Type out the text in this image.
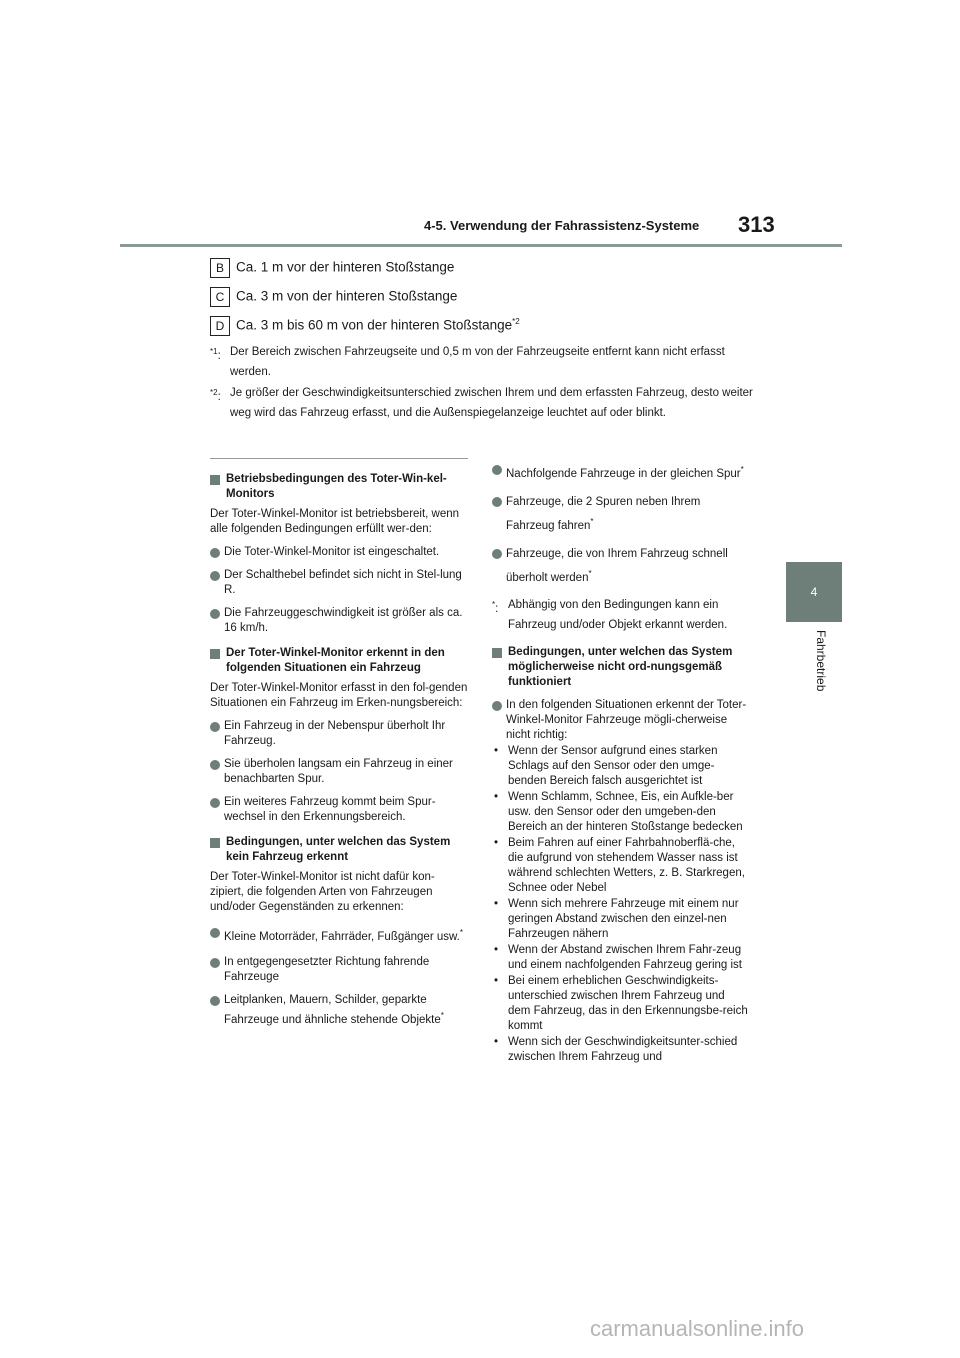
4-5. Verwendung der Fahrassistenz-Systeme 313
4
Fahrbetrieb
B Ca. 1 m vor der hinteren Stoßstange
C Ca. 3 m von der hinteren Stoßstange
D Ca. 3 m bis 60 m von der hinteren Stoßstange$^{*2}$
$^{*1}$: Der Bereich zwischen Fahrzeugseite und 0,5 m von der Fahrzeugseite entfernt kann nicht erfasst werden.
$^{*2}$: Je größer der Geschwindigkeitsunterschied zwischen Ihrem und dem erfassten Fahrzeug, desto weiter weg wird das Fahrzeug erfasst, und die Außenspiegelanzeige leuchtet auf oder blinkt.
Betriebsbedingungen des Toter-Win-kel-Monitors
Der Toter-Winkel-Monitor ist betriebsbereit, wenn alle folgenden Bedingungen erfüllt wer-den:
Die Toter-Winkel-Monitor ist eingeschaltet.
Der Schalthebel befindet sich nicht in Stel-lung R.
Die Fahrzeuggeschwindigkeit ist größer als ca. 16 km/h.
Der Toter-Winkel-Monitor erkennt in den folgenden Situationen ein Fahrzeug
Der Toter-Winkel-Monitor erfasst in den fol-genden Situationen ein Fahrzeug im Erken-nungsbereich:
Ein Fahrzeug in der Nebenspur überholt Ihr Fahrzeug.
Sie überholen langsam ein Fahrzeug in einer benachbarten Spur.
Ein weiteres Fahrzeug kommt beim Spur-wechsel in den Erkennungsbereich.
Bedingungen, unter welchen das System kein Fahrzeug erkennt
Der Toter-Winkel-Monitor ist nicht dafür kon-zipiert, die folgenden Arten von Fahrzeugen und/oder Gegenständen zu erkennen:
Kleine Motorräder, Fahrräder, Fußgänger usw.*
In entgegengesetzter Richtung fahrende Fahrzeuge
Leitplanken, Mauern, Schilder, geparkte Fahrzeuge und ähnliche stehende Objekte*
Nachfolgende Fahrzeuge in der gleichen Spur*
Fahrzeuge, die 2 Spuren neben Ihrem Fahrzeug fahren*
Fahrzeuge, die von Ihrem Fahrzeug schnell überholt werden*
*: Abhängig von den Bedingungen kann ein Fahrzeug und/oder Objekt erkannt werden.
Bedingungen, unter welchen das System möglicherweise nicht ord-nungsgemäß funktioniert
In den folgenden Situationen erkennt der Toter-Winkel-Monitor Fahrzeuge mögli-cherweise nicht richtig:
• Wenn der Sensor aufgrund eines starken Schlags auf den Sensor oder den umge-benden Bereich falsch ausgerichtet ist
• Wenn Schlamm, Schnee, Eis, ein Aufkle-ber usw. den Sensor oder den umgeben-den Bereich an der hinteren Stoßstange bedecken
• Beim Fahren auf einer Fahrbahnoberflä-che, die aufgrund von stehendem Wasser nass ist während schlechten Wetters, z. B. Starkregen, Schnee oder Nebel
• Wenn sich mehrere Fahrzeuge mit einem nur geringen Abstand zwischen den einzel-nen Fahrzeugen nähern
• Wenn der Abstand zwischen Ihrem Fahr-zeug und einem nachfolgenden Fahrzeug gering ist
• Bei einem erheblichen Geschwindigkeits-unterschied zwischen Ihrem Fahrzeug und dem Fahrzeug, das in den Erkennungsbe-reich kommt
• Wenn sich der Geschwindigkeitsunter-schied zwischen Ihrem Fahrzeug und
carmanualsonline.info
